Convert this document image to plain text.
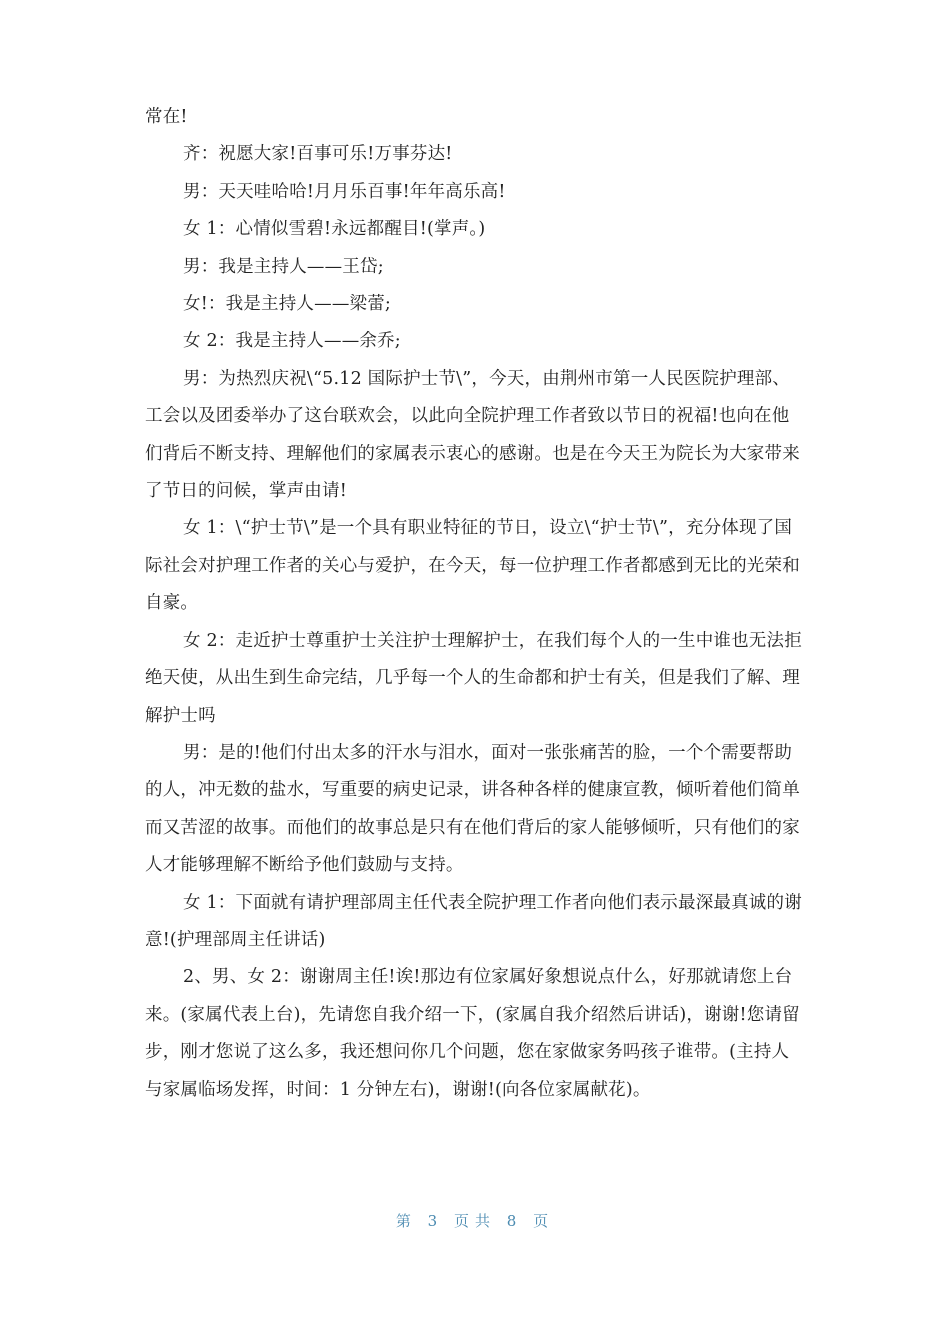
常在!

齐：祝愿大家!百事可乐!万事芬达!

男：天天哇哈哈!月月乐百事!年年高乐高!

女 1：心情似雪碧!永远都醒目!(掌声。)

男：我是主持人——王岱;

女!：我是主持人——梁蕾;

女 2：我是主持人——余乔;

男：为热烈庆祝\“5.12 国际护士节\”，今天，由荆州市第一人民医院护理部、工会以及团委举办了这台联欢会，以此向全院护理工作者致以节日的祝福!也向在他们背后不断支持、理解他们的家属表示衷心的感谢。也是在今天王为院长为大家带来了节日的问候，掌声由请!

女 1：\“护士节\”是一个具有职业特征的节日，设立\“护士节\”，充分体现了国际社会对护理工作者的关心与爱护，在今天，每一位护理工作者都感到无比的光荣和自豪。

女 2：走近护士尊重护士关注护士理解护士，在我们每个人的一生中谁也无法拒绝天使，从出生到生命完结，几乎每一个人的生命都和护士有关，但是我们了解、理解护士吗

男：是的!他们付出太多的汗水与泪水，面对一张张痛苦的脸，一个个需要帮助的人，冲无数的盐水，写重要的病史记录，讲各种各样的健康宣教，倾听着他们简单而又苦涩的故事。而他们的故事总是只有在他们背后的家人能够倾听，只有他们的家人才能够理解不断给予他们鼓励与支持。

女 1：下面就有请护理部周主任代表全院护理工作者向他们表示最深最真诚的谢意!(护理部周主任讲话)

2、男、女 2：谢谢周主任!诶!那边有位家属好象想说点什么，好那就请您上台来。(家属代表上台)，先请您自我介绍一下，(家属自我介绍然后讲话)，谢谢!您请留步，刚才您说了这么多，我还想问你几个问题，您在家做家务吗孩子谁带。(主持人与家属临场发挥，时间：1 分钟左右)，谢谢!(向各位家属献花)。

第 3 页共 8 页
